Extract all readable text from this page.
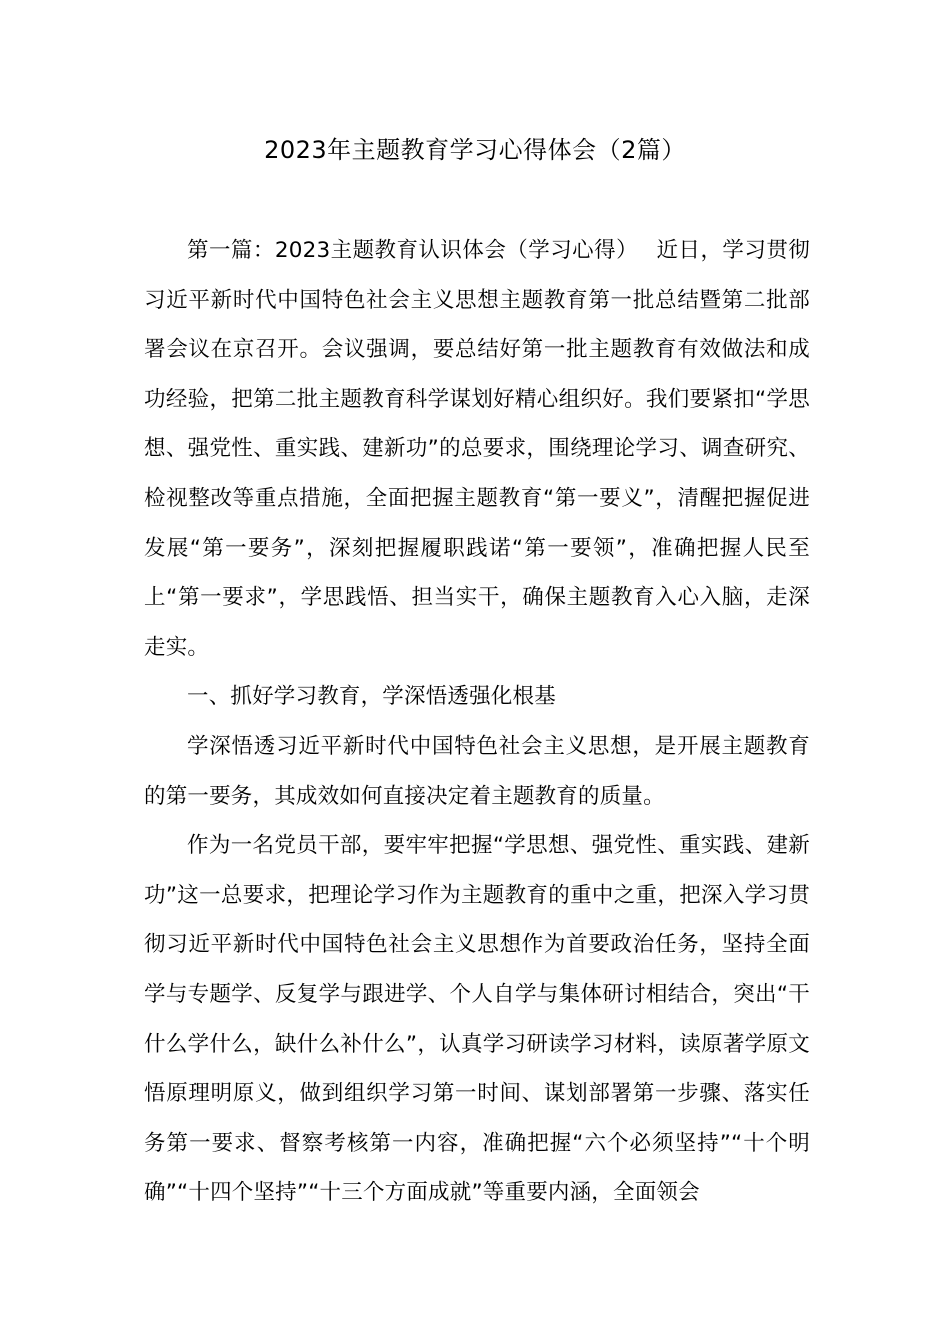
2023年主题教育学习心得体会（2篇）

第一篇：2023主题教育认识体会（学习心得）　 近日，学习贯彻习近平新时代中国特色社会主义思想主题教育第一批总结暨第二批部署会议在京召开。会议强调，要总结好第一批主题教育有效做法和成功经验，把第二批主题教育科学谋划好精心组织好。我们要紧扣“学思想、强党性、重实践、建新功”的总要求，围绕理论学习、调查研究、检视整改等重点措施，全面把握主题教育“第一要义”，清醒把握促进发展“第一要务”，深刻把握履职践诺“第一要领”，准确把握人民至上“第一要求”，学思践悟、担当实干，确保主题教育入心入脑，走深走实。

一、抓好学习教育，学深悟透强化根基

学深悟透习近平新时代中国特色社会主义思想，是开展主题教育的第一要务，其成效如何直接决定着主题教育的质量。

作为一名党员干部，要牢牢把握“学思想、强党性、重实践、建新功”这一总要求，把理论学习作为主题教育的重中之重，把深入学习贯彻习近平新时代中国特色社会主义思想作为首要政治任务，坚持全面学与专题学、反复学与跟进学、个人自学与集体研讨相结合，突出“干什么学什么，缺什么补什么”，认真学习研读学习材料，读原著学原文悟原理明原义，做到组织学习第一时间、谋划部署第一步骤、落实任务第一要求、督察考核第一内容，准确把握“六个必须坚持”“十个明确”“十四个坚持”“十三个方面成就”等重要内涵，全面领会
